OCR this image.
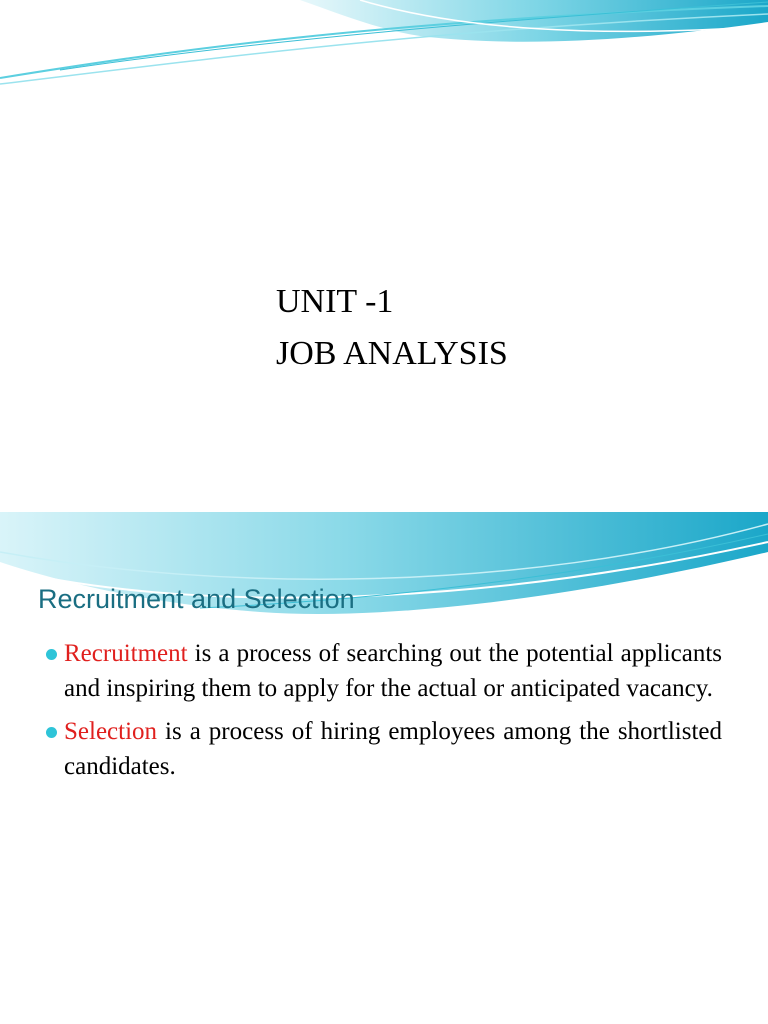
UNIT -1
JOB ANALYSIS
Recruitment and Selection
Recruitment is a process of searching out the potential applicants and inspiring them to apply for the actual or anticipated vacancy.
Selection is a process of hiring employees among the shortlisted candidates.
